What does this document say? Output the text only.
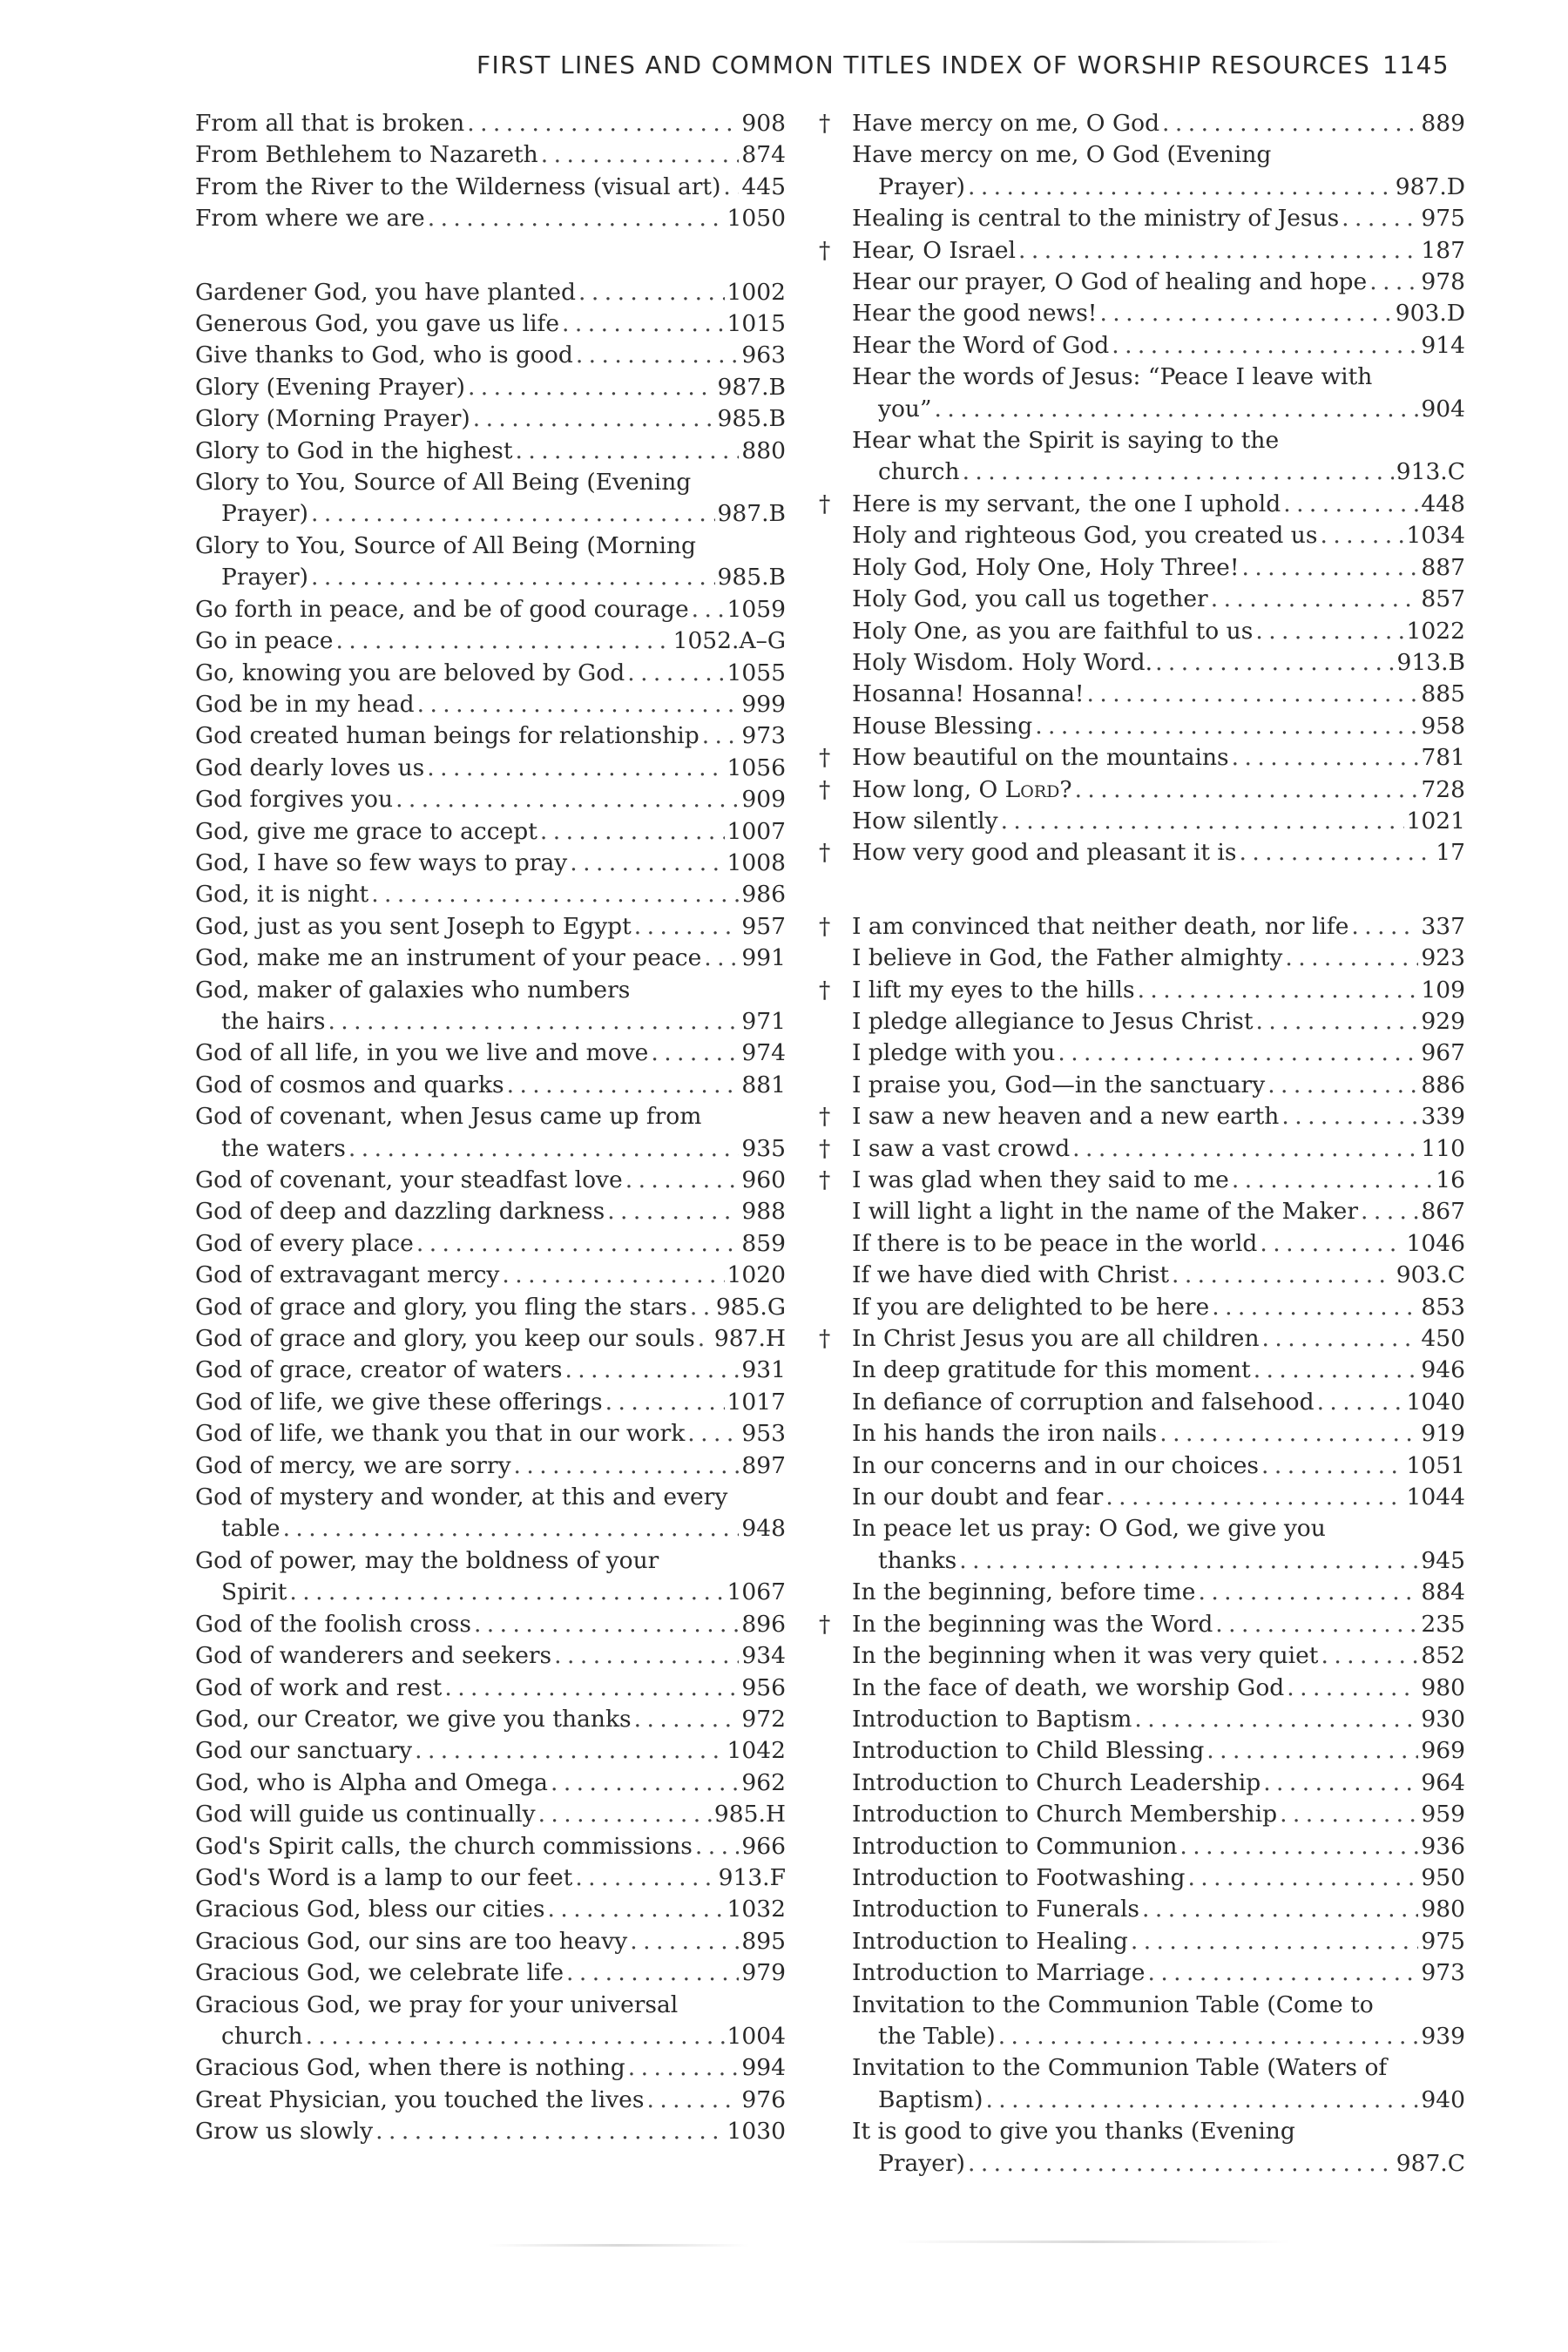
FIRST LINES AND COMMON TITLES INDEX OF WORSHIP RESOURCES 1145
From all that is broken . . .	908
From Bethlehem to Nazareth . . .	874
From the River to the Wilderness (visual art) . . . 445
From where we are . . .	1050
Gardener God, you have planted . . .	1002
Generous God, you gave us life . . .	1015
Give thanks to God, who is good . . .	963
Glory (Evening Prayer) . . .	987.B
Glory (Morning Prayer) . . .	985.B
Glory to God in the highest . . .	880
Glory to You, Source of All Being (Evening
Prayer) . . .	987.B
Glory to You, Source of All Being (Morning
Prayer) . . .	985.B
Go forth in peace, and be of good courage . . . 1059
Go in peace . . .	1052.A–G
Go, knowing you are beloved by God . . .	1055
God be in my head . . .	999
God created human beings for relationship . . . 973
God dearly loves us . . .	1056
God forgives you . . .	909
God, give me grace to accept . . .	1007
God, I have so few ways to pray . . .	1008
God, it is night . . .	986
God, just as you sent Joseph to Egypt . . .	957
God, make me an instrument of your peace . . . 991
God, maker of galaxies who numbers
the hairs . . .	971
God of all life, in you we live and move . . .	974
God of cosmos and quarks . . .	881
God of covenant, when Jesus came up from
the waters . . .	935
God of covenant, your steadfast love . . .	960
God of deep and dazzling darkness . . .	988
God of every place . . .	859
God of extravagant mercy . . .	1020
God of grace and glory, you fling the stars . . . 985.G
God of grace and glory, you keep our souls . . . 987.H
God of grace, creator of waters . . .	931
God of life, we give these offerings . . .	1017
God of life, we thank you that in our work . . . 953
God of mercy, we are sorry . . .	897
God of mystery and wonder, at this and every
table . . .	948
God of power, may the boldness of your
Spirit . . .	1067
God of the foolish cross . . .	896
God of wanderers and seekers . . .	934
God of work and rest . . .	956
God, our Creator, we give you thanks . . .	972
God our sanctuary . . .	1042
God, who is Alpha and Omega . . .	962
God will guide us continually . . .	985.H
God's Spirit calls, the church commissions . . . 966
God's Word is a lamp to our feet . . .	913.F
Gracious God, bless our cities . . .	1032
Gracious God, our sins are too heavy . . .	895
Gracious God, we celebrate life . . .	979
Gracious God, we pray for your universal
church . . .	1004
Gracious God, when there is nothing . . .	994
Great Physician, you touched the lives . . .	976
Grow us slowly . . .	1030
† Have mercy on me, O God . . .	889
Have mercy on me, O God (Evening
Prayer) . . .	987.D
Healing is central to the ministry of Jesus . . .	975
† Hear, O Israel . . .	187
Hear our prayer, O God of healing and hope . . . 978
Hear the good news! . . .	903.D
Hear the Word of God . . .	914
Hear the words of Jesus: “Peace I leave with
you” . . .	904
Hear what the Spirit is saying to the
church . . .	913.C
† Here is my servant, the one I uphold . . .	448
Holy and righteous God, you created us . . .	1034
Holy God, Holy One, Holy Three! . . .	887
Holy God, you call us together . . .	857
Holy One, as you are faithful to us . . .	1022
Holy Wisdom. Holy Word. . . .	913.B
Hosanna! Hosanna! . . .	885
House Blessing . . .	958
† How beautiful on the mountains . . .	781
† How long, O Lord? . . .	728
How silently . . .	1021
† How very good and pleasant it is . . .	17
† I am convinced that neither death, nor life . . .	337
I believe in God, the Father almighty . . .	923
† I lift my eyes to the hills . . .	109
I pledge allegiance to Jesus Christ . . .	929
I pledge with you . . .	967
I praise you, God—in the sanctuary . . .	886
† I saw a new heaven and a new earth . . .	339
† I saw a vast crowd . . .	110
† I was glad when they said to me . . .	16
I will light a light in the name of the Maker . . .	867
If there is to be peace in the world . . .	1046
If we have died with Christ . . .	903.C
If you are delighted to be here . . .	853
† In Christ Jesus you are all children . . .	450
In deep gratitude for this moment . . .	946
In defiance of corruption and falsehood . . .	1040
In his hands the iron nails . . .	919
In our concerns and in our choices . . .	1051
In our doubt and fear . . .	1044
In peace let us pray: O God, we give you
thanks . . .	945
In the beginning, before time . . .	884
† In the beginning was the Word . . .	235
In the beginning when it was very quiet . . .	852
In the face of death, we worship God . . .	980
Introduction to Baptism . . .	930
Introduction to Child Blessing . . .	969
Introduction to Church Leadership . . .	964
Introduction to Church Membership . . .	959
Introduction to Communion . . .	936
Introduction to Footwashing . . .	950
Introduction to Funerals . . .	980
Introduction to Healing . . .	975
Introduction to Marriage . . .	973
Invitation to the Communion Table (Come to
the Table) . . .	939
Invitation to the Communion Table (Waters of
Baptism) . . .	940
It is good to give you thanks (Evening
Prayer) . . .	987.C
